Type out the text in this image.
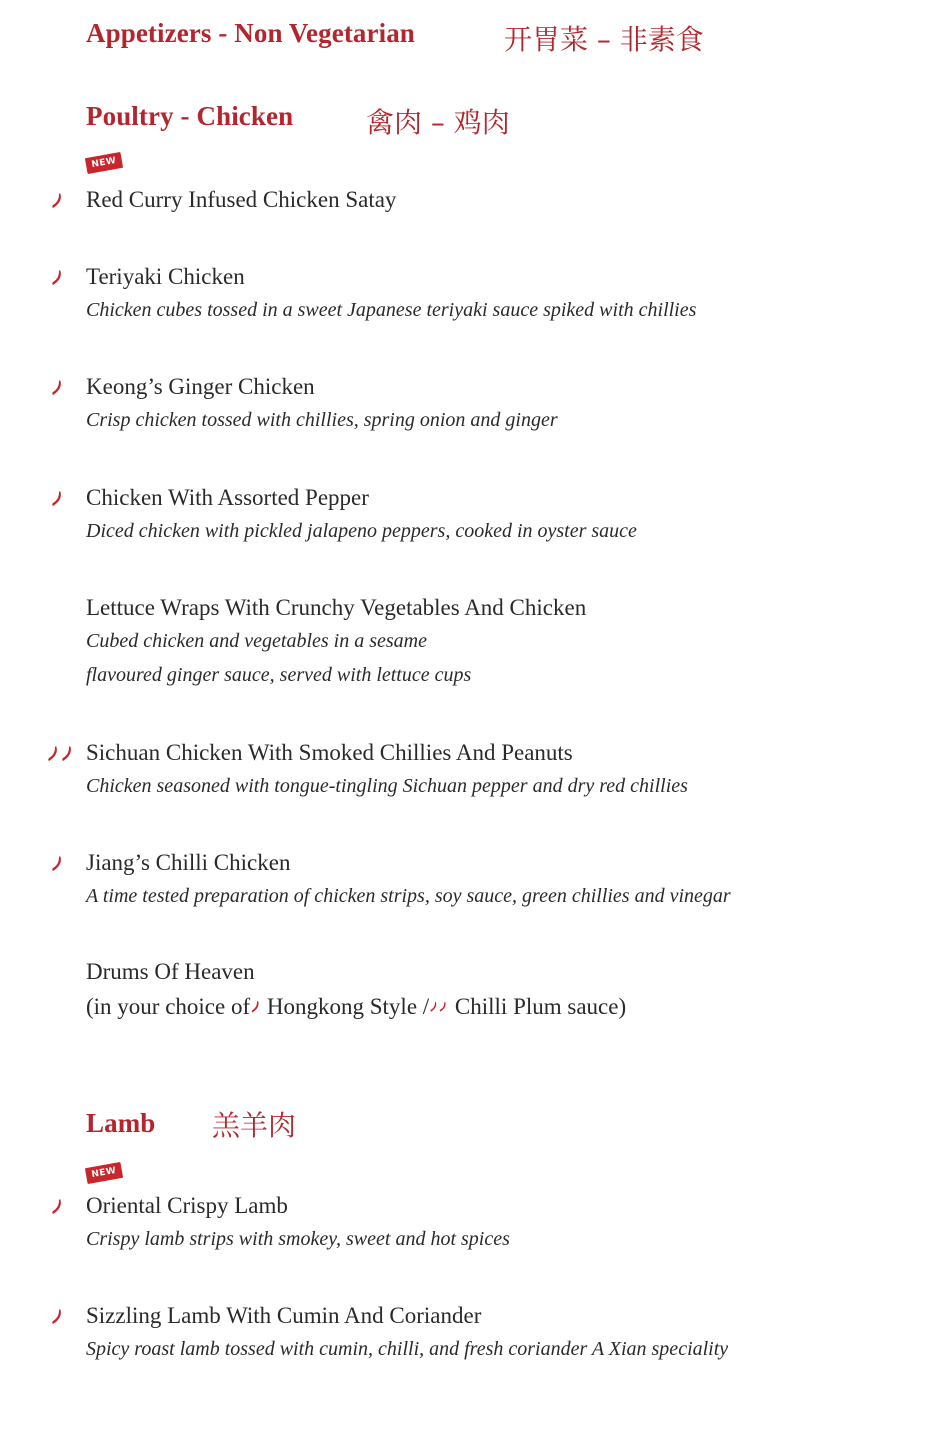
Appetizers - Non Vegetarian	开胃菜 – 非素食
Poultry - Chicken	禽肉 – 鸡肉
NEW
Red Curry Infused Chicken Satay
Teriyaki Chicken
Chicken cubes tossed in a sweet Japanese teriyaki sauce spiked with chillies
Keong’s Ginger Chicken
Crisp chicken tossed with chillies, spring onion and ginger
Chicken With Assorted Pepper
Diced chicken with pickled jalapeno peppers, cooked in oyster sauce
Lettuce Wraps With Crunchy Vegetables And Chicken
Cubed chicken and vegetables in a sesame
flavoured ginger sauce, served with lettuce cups
Sichuan Chicken With Smoked Chillies And Peanuts
Chicken seasoned with tongue-tingling Sichuan pepper and dry red chillies
Jiang’s Chilli Chicken
A time tested preparation of chicken strips, soy sauce, green chillies and vinegar
Drums Of Heaven
(in your choice of Hongkong Style / Chilli Plum sauce)
Lamb 羔羊肉
NEW
Oriental Crispy Lamb
Crispy lamb strips with smokey, sweet and hot spices
Sizzling Lamb With Cumin And Coriander
Spicy roast lamb tossed with cumin, chilli, and fresh coriander A Xian speciality
